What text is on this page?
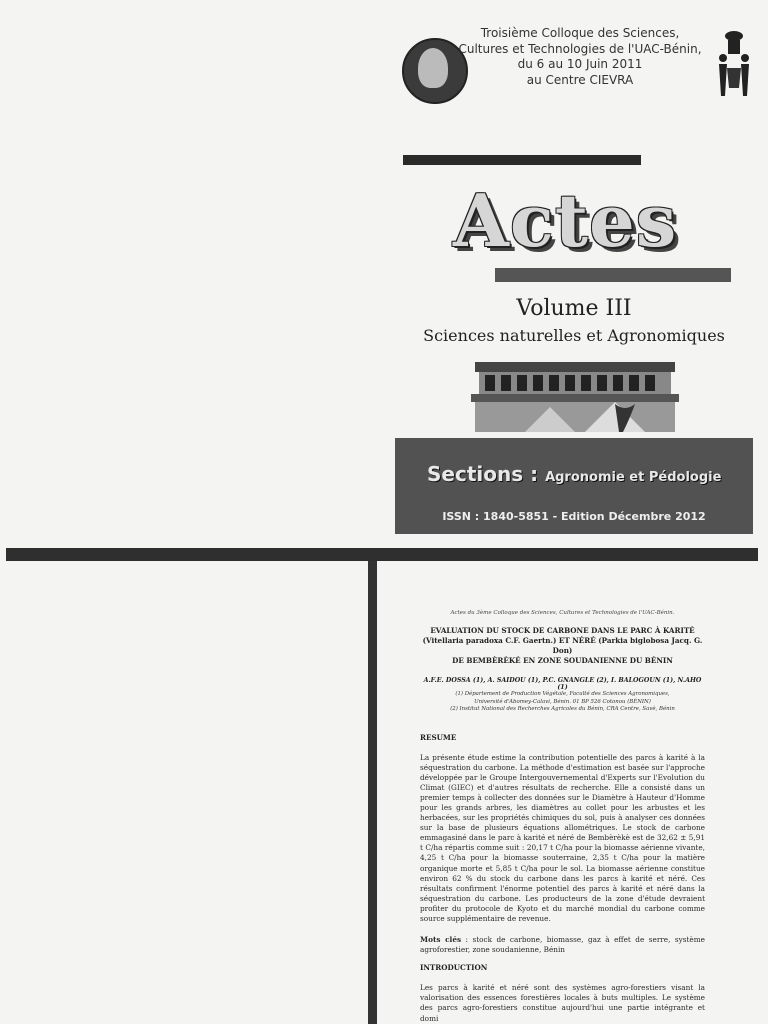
Troisième Colloque des Sciences,
Cultures et Technologies de l'UAC-Bénin,
du 6 au 10 Juin 2011
au Centre CIEVRA
Actes
Volume III
Sciences naturelles et Agronomiques
Sections : Agronomie et Pédologie
ISSN : 1840-5851 - Edition Décembre 2012
Actes du 3ème Colloque des Sciences, Cultures et Technologies de l'UAC-Bénin.
EVALUATION DU STOCK DE CARBONE DANS LE PARC À KARITÉ
(Vitellaria paradoxa C.F. Gaertn.) ET NÉRÉ (Parkia biglobosa Jacq. G. Don)
DE BEMBÈRÈKÉ EN ZONE SOUDANIENNE DU BÉNIN
A.F.E. DOSSA (1), A. SAIDOU (1), P.C. GNANGLE (2), I. BALOGOUN (1), N.AHO (1)
(1) Département de Production Végétale, Faculté des Sciences Agronomiques,
Université d'Abomey-Calavi, Bénin. 01 BP 526 Cotonou (BÉNIN)
(2) Institut National des Recherches Agricoles du Bénin, CRA Centre, Savè, Bénin
RESUME
La présente étude estime la contribution potentielle des parcs à karité à la séquestration du carbone. La méthode d'estimation est basée sur l'approche développée par le Groupe Intergouvernemental d'Experts sur l'Evolution du Climat (GIEC) et d'autres résultats de recherche. Elle a consisté dans un premier temps à collecter des données sur le Diamètre à Hauteur d'Homme pour les grands arbres, les diamètres au collet pour les arbustes et les herbacées, sur les propriétés chimiques du sol, puis à analyser ces données sur la base de plusieurs équations allométriques. Le stock de carbone emmagasiné dans le parc à karité et néré de Bembèrèkè est de 32,62 ± 5,91 t C/ha répartis comme suit : 20,17 t C/ha pour la biomasse aérienne vivante, 4,25 t C/ha pour la biomasse souterraine, 2,35 t C/ha pour la matière organique morte et 5,85 t C/ha pour le sol. La biomasse aérienne constitue environ 62 % du stock du carbone dans les parcs à karité et néré. Ces résultats confirment l'énorme potentiel des parcs à karité et néré dans la séquestration du carbone. Les producteurs de la zone d'étude devraient profiter du protocole de Kyoto et du marché mondial du carbone comme source supplémentaire de revenue.
Mots clés : stock de carbone, biomasse, gaz à effet de serre, système agroforestier, zone soudanienne, Bénin
INTRODUCTION
Les parcs à karité et néré sont des systèmes agro-forestiers visant la valorisation des essences forestières locales à buts multiples. Le système des parcs agro-forestiers constitue aujourd'hui une partie intégrante et domi
